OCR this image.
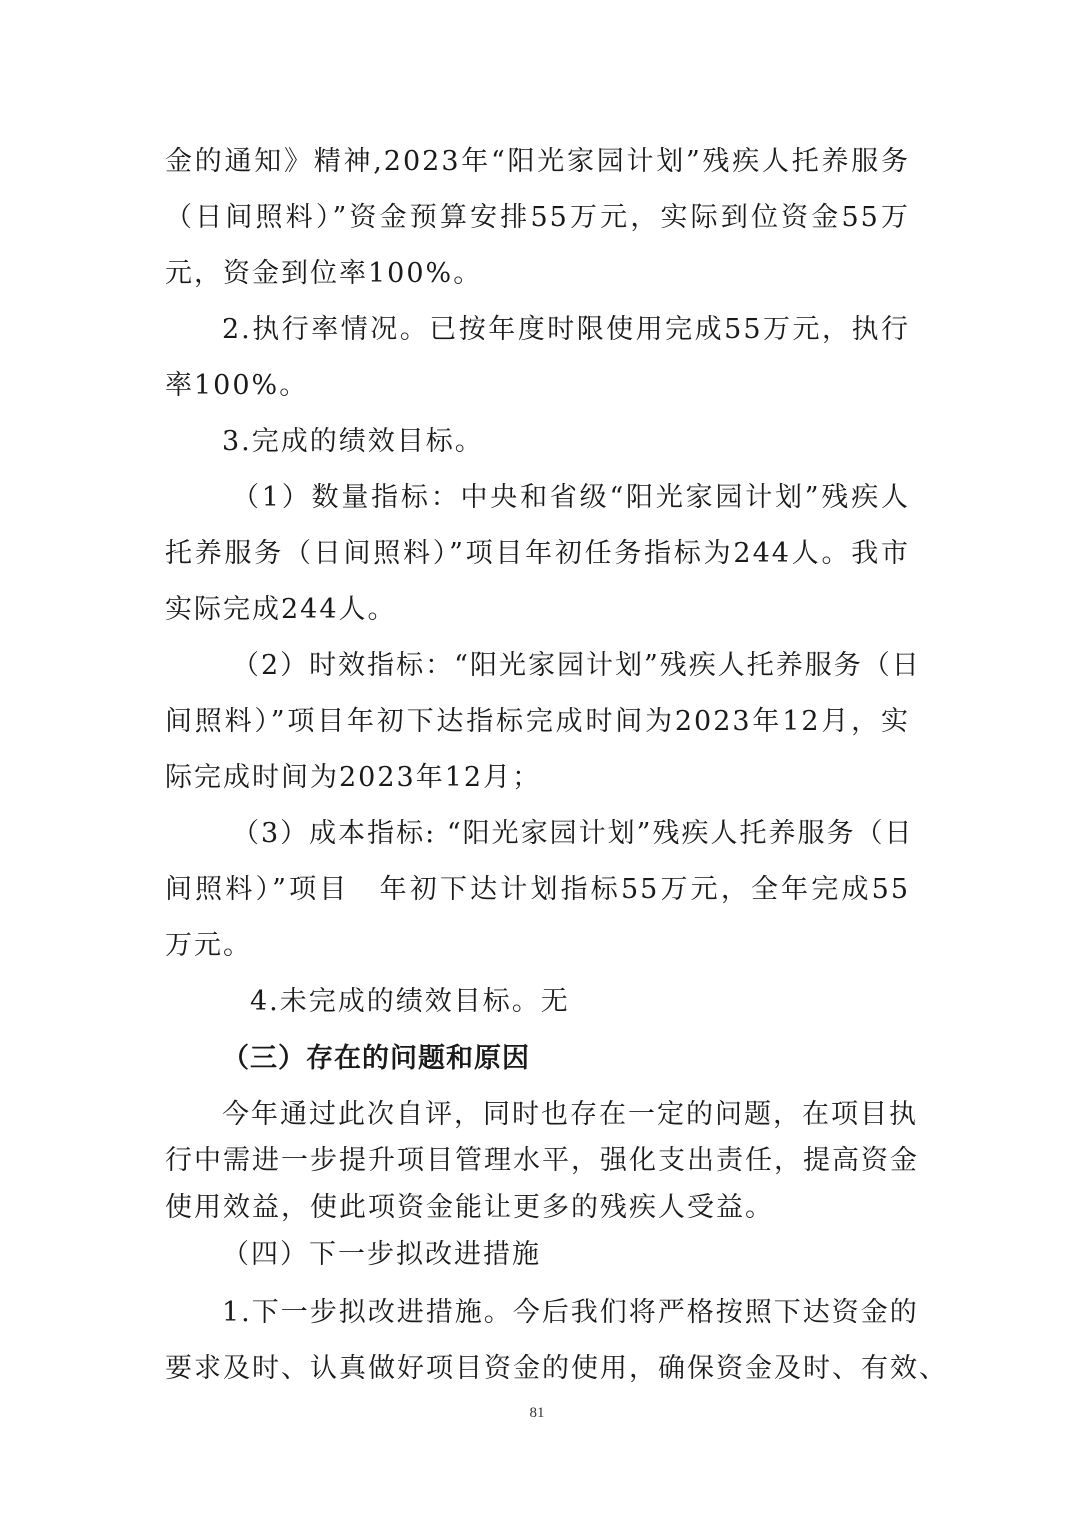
金的通知》精神,2023年“阳光家园计划”残疾人托养服务

（日间照料）”资金预算安排55万元，实际到位资金55万

元，资金到位率100%。

2.执行率情况。已按年度时限使用完成55万元，执行

率100%。

3.完成的绩效目标。

（1）数量指标：中央和省级“阳光家园计划”残疾人

托养服务（日间照料）”项目年初任务指标为244人。我市

实际完成244人。

（2）时效指标：“阳光家园计划”残疾人托养服务（日

间照料）”项目年初下达指标完成时间为2023年12月，实

际完成时间为2023年12月；

（3）成本指标: “阳光家园计划”残疾人托养服务（日

间照料）”项目　年初下达计划指标55万元，全年完成55

万元。

4.未完成的绩效目标。无

（三）存在的问题和原因

今年通过此次自评，同时也存在一定的问题，在项目执

行中需进一步提升项目管理水平，强化支出责任，提高资金

使用效益，使此项资金能让更多的残疾人受益。

（四）下一步拟改进措施

1.下一步拟改进措施。今后我们将严格按照下达资金的

要求及时、认真做好项目资金的使用，确保资金及时、有效、

81
